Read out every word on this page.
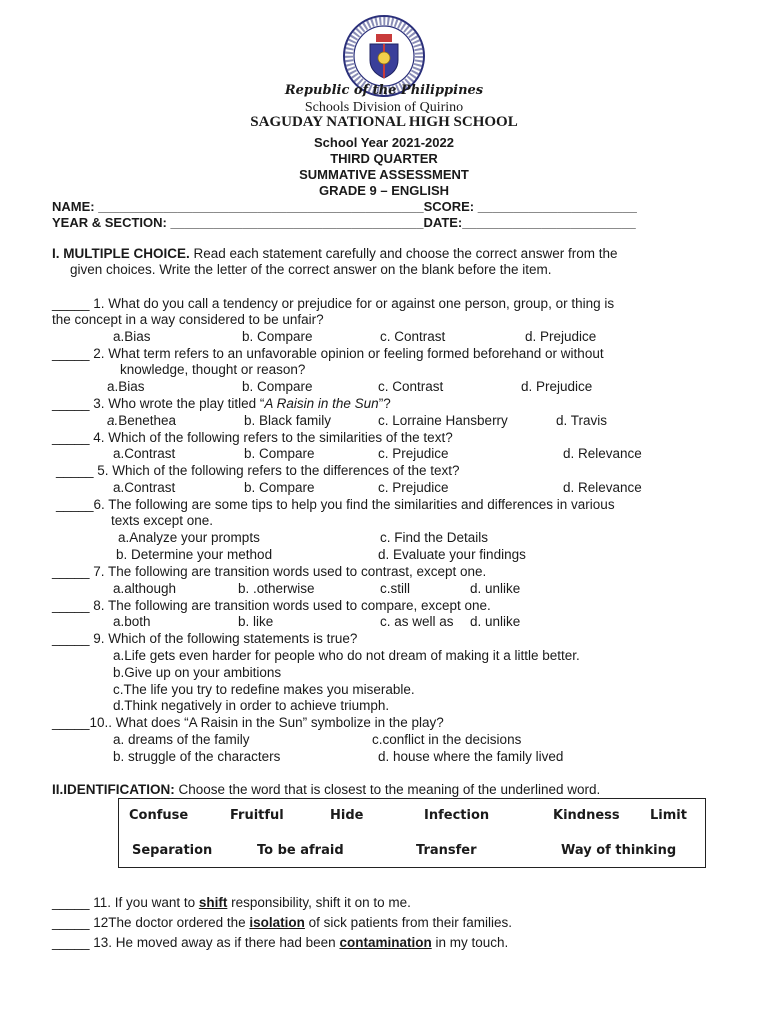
Republic of the Philippines
Schools Division of Quirino
SAGUDAY NATIONAL HIGH SCHOOL
School Year 2021-2022
THIRD QUARTER
SUMMATIVE ASSESSMENT
GRADE 9 – ENGLISH
NAME: _____________________________________________SCORE: ______________________
YEAR & SECTION: ___________________________________DATE:________________________
I. MULTIPLE CHOICE. Read each statement carefully and choose the correct answer from the
given choices. Write the letter of the correct answer on the blank before the item.
_____ 1. What do you call a tendency or prejudice for or against one person, group, or thing is
the concept in a way considered to be unfair?
a.Bias	b. Compare	c. Contrast	d. Prejudice
_____ 2. What term refers to an unfavorable opinion or feeling formed beforehand or without
knowledge, thought or reason?
a.Bias	b. Compare	c. Contrast	d. Prejudice
_____ 3. Who wrote the play titled “A Raisin in the Sun”?
a.Benethea	b. Black family	c. Lorraine Hansberry	d. Travis
_____ 4. Which of the following refers to the similarities of the text?
a.Contrast	b. Compare	c. Prejudice	d. Relevance
_____ 5. Which of the following refers to the differences of the text?
a.Contrast	b. Compare	c. Prejudice	d. Relevance
_____6. The following are some tips to help you find the similarities and differences in various
texts except one.
a.Analyze your prompts	c. Find the Details
b. Determine your method	d. Evaluate your findings
_____ 7. The following are transition words used to contrast, except one.
a.although	b. .otherwise	c.still	d. unlike
_____ 8. The following are transition words used to compare, except one.
a.both	b. like	c. as well as d. unlike
_____ 9. Which of the following statements is true?
a.Life gets even harder for people who do not dream of making it a little better.
b.Give up on your ambitions
c.The life you try to redefine makes you miserable.
d.Think negatively in order to achieve triumph.
_____10.. What does “A Raisin in the Sun” symbolize in the play?
a. dreams of the family	c.conflict in the decisions
b. struggle of the characters	d. house where the family lived
II.IDENTIFICATION: Choose the word that is closest to the meaning of the underlined word.
Confuse	Fruitful	Hide	Infection	Kindness Limit
Separation	To be afraid	Transfer	Way of thinking
_____ 11. If you want to shift responsibility, shift it on to me.
_____ 12The doctor ordered the isolation of sick patients from their families.
_____ 13. He moved away as if there had been contamination in my touch.
